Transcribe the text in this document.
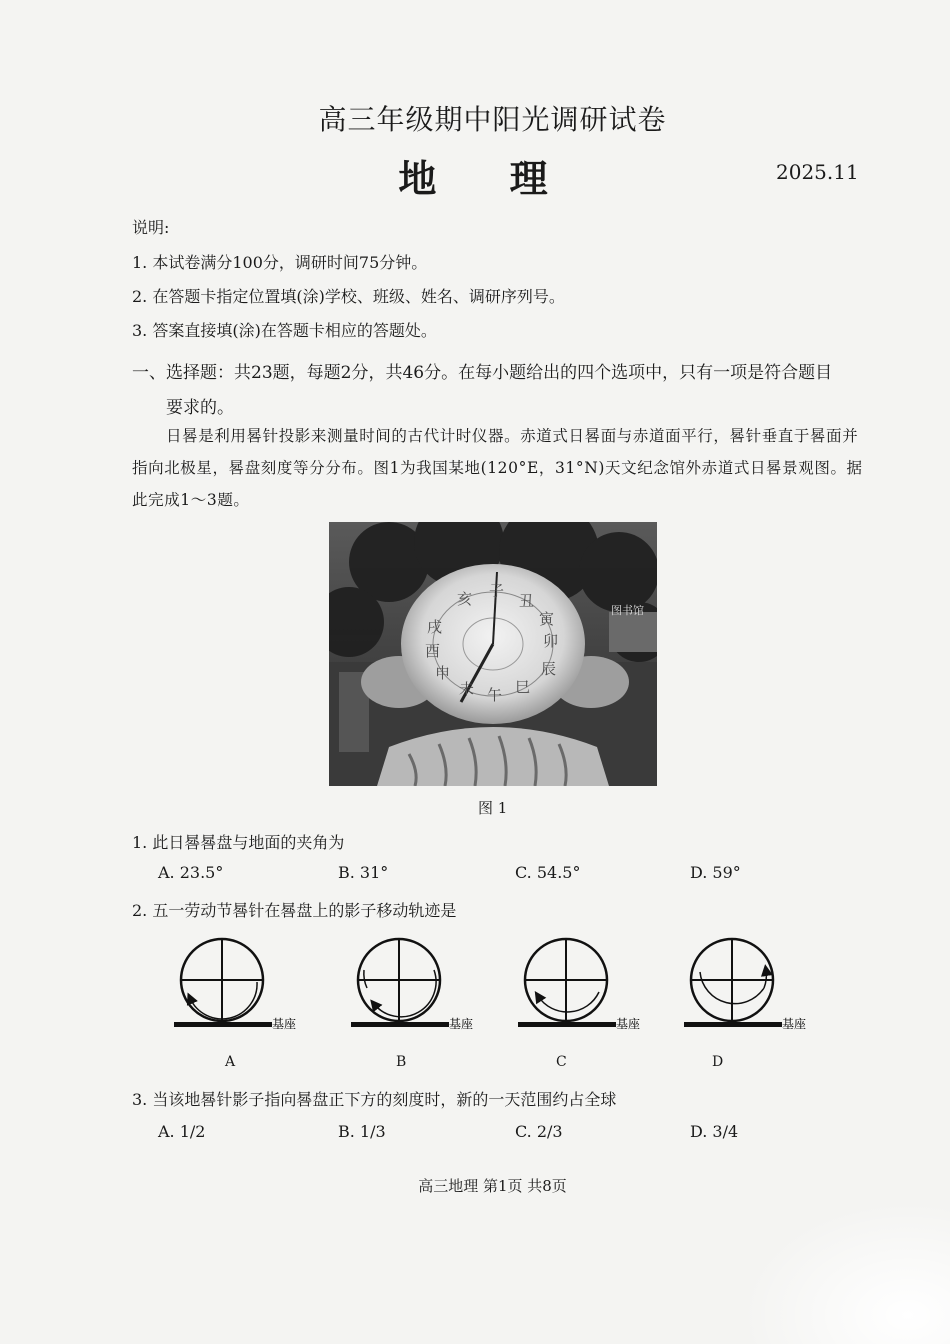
高三年级期中阳光调研试卷
地 理	2025.11
说明:
1. 本试卷满分100分，调研时间75分钟。
2. 在答题卡指定位置填(涂)学校、班级、姓名、调研序列号。
3. 答案直接填(涂)在答题卡相应的答题处。
一、选择题：共23题，每题2分，共46分。在每小题给出的四个选项中，只有一项是符合题目
要求的。
日晷是利用晷针投影来测量时间的古代计时仪器。赤道式日晷面与赤道面平行，晷针垂直于晷面并指向北极星，晷盘刻度等分分布。图1为我国某地(120°E，31°N)天文纪念馆外赤道式日晷景观图。据此完成1～3题。
图书馆
戌
亥 子
丑
寅
卯
辰
巳
午
未
申
酉
图 1
1. 此日晷晷盘与地面的夹角为
A. 23.5°	B. 31°	C. 54.5°	D. 59°
2. 五一劳动节晷针在晷盘上的影子移动轨迹是
基座	基座	基座	基座
A	B	C	D
3. 当该地晷针影子指向晷盘正下方的刻度时，新的一天范围约占全球
A. 1/2	B. 1/3	C. 2/3	D. 3/4
高三地理 第1页 共8页
